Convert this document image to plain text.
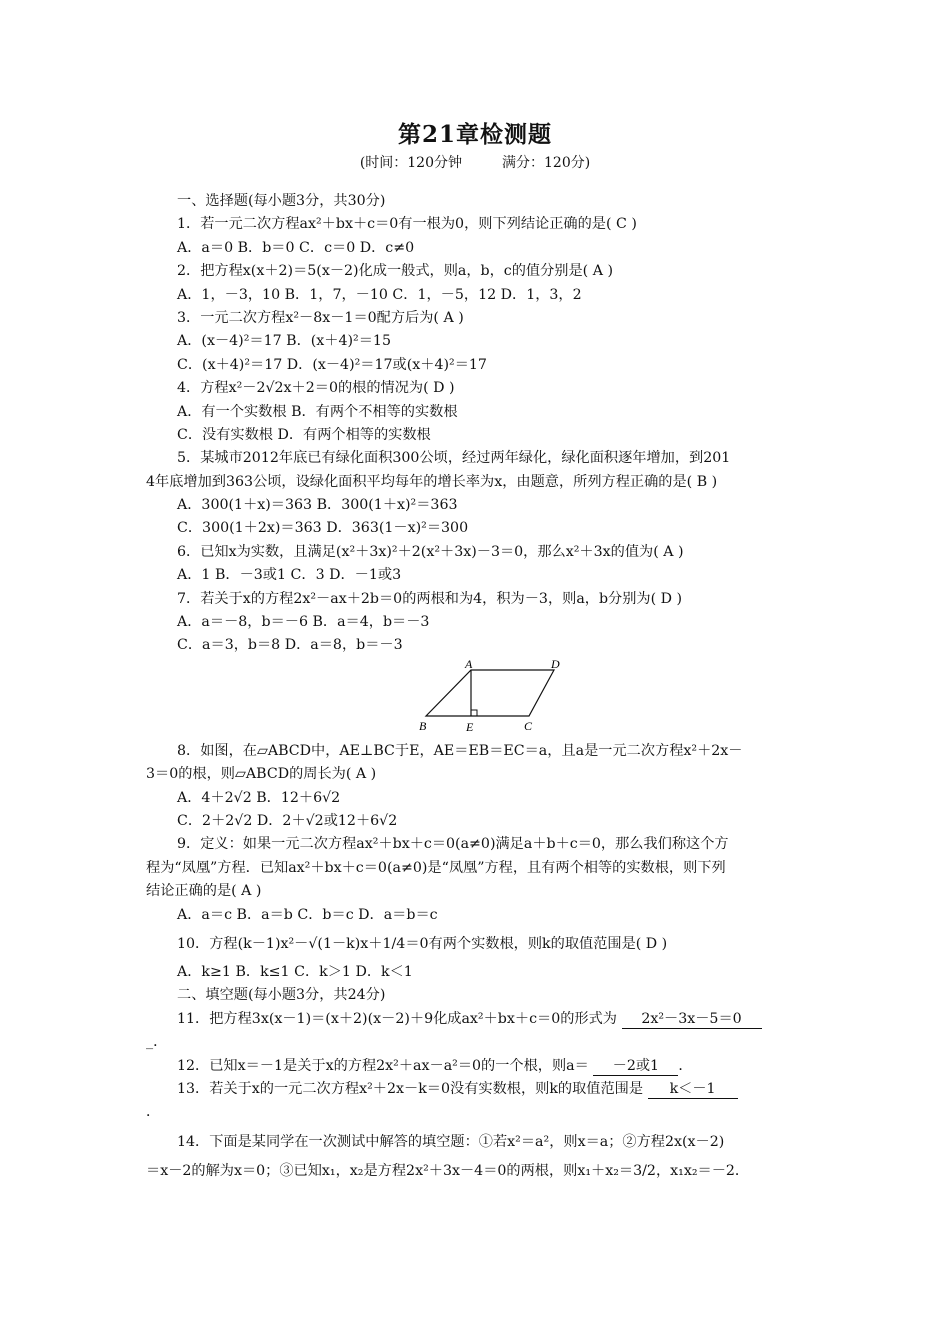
第21章检测题
(时间：120分钟	满分：120分)
一、选择题(每小题3分，共30分)
1．若一元二次方程ax²＋bx＋c＝0有一根为0，则下列结论正确的是( C )
A．a＝0 B．b＝0 C．c＝0 D．c≠0
2．把方程x(x＋2)＝5(x－2)化成一般式，则a，b，c的值分别是( A )
A．1，－3，10 B．1，7，－10 C．1，－5，12 D．1，3，2
3．一元二次方程x²－8x－1＝0配方后为( A )
A．(x－4)²＝17 B．(x＋4)²＝15
C．(x＋4)²＝17 D．(x－4)²＝17或(x＋4)²＝17
4．方程x²－2√2x＋2＝0的根的情况为( D )
A．有一个实数根 B．有两个不相等的实数根
C．没有实数根 D．有两个相等的实数根
5．某城市2012年底已有绿化面积300公顷，经过两年绿化，绿化面积逐年增加，到201
4年底增加到363公顷，设绿化面积平均每年的增长率为x，由题意，所列方程正确的是( B )
A．300(1＋x)＝363 B．300(1＋x)²＝363
C．300(1＋2x)＝363 D．363(1－x)²＝300
6．已知x为实数，且满足(x²＋3x)²＋2(x²＋3x)－3＝0，那么x²＋3x的值为( A )
A．1 B．－3或1 C．3 D．－1或3
7．若关于x的方程2x²－ax＋2b＝0的两根和为4，积为－3，则a，b分别为( D )
A．a＝－8，b＝－6 B．a＝4，b＝－3
C．a＝3，b＝8 D．a＝8，b＝－3
A	D
B	E	C
8．如图，在▱ABCD中，AE⊥BC于E，AE＝EB＝EC＝a，且a是一元二次方程x²＋2x－
3＝0的根，则▱ABCD的周长为( A )
A．4＋2√2 B．12＋6√2
C．2＋2√2 D．2＋√2或12＋6√2
9．定义：如果一元二次方程ax²＋bx＋c＝0(a≠0)满足a＋b＋c＝0，那么我们称这个方
程为“凤凰”方程．已知ax²＋bx＋c＝0(a≠0)是“凤凰”方程，且有两个相等的实数根，则下列
结论正确的是( A )
A．a＝c B．a＝b C．b＝c D．a＝b＝c
10．方程(k－1)x²－√(1－k)x＋1/4＝0有两个实数根，则k的取值范围是( D )
A．k≥1 B．k≤1 C．k＞1 D．k＜1
二、填空题(每小题3分，共24分)
11．把方程3x(x－1)＝(x＋2)(x－2)＋9化成ax²＋bx＋c＝0的形式为 2x²－3x－5＝0
_．
12．已知x＝－1是关于x的方程2x²＋ax－a²＝0的一个根，则a＝ －2或1 ．
13．若关于x的一元二次方程x²＋2x－k＝0没有实数根，则k的取值范围是 k＜－1
．
14．下面是某同学在一次测试中解答的填空题：①若x²＝a²，则x＝a；②方程2x(x－2)
＝x－2的解为x＝0；③已知x₁，x₂是方程2x²＋3x－4＝0的两根，则x₁＋x₂＝3/2，x₁x₂＝－2．
